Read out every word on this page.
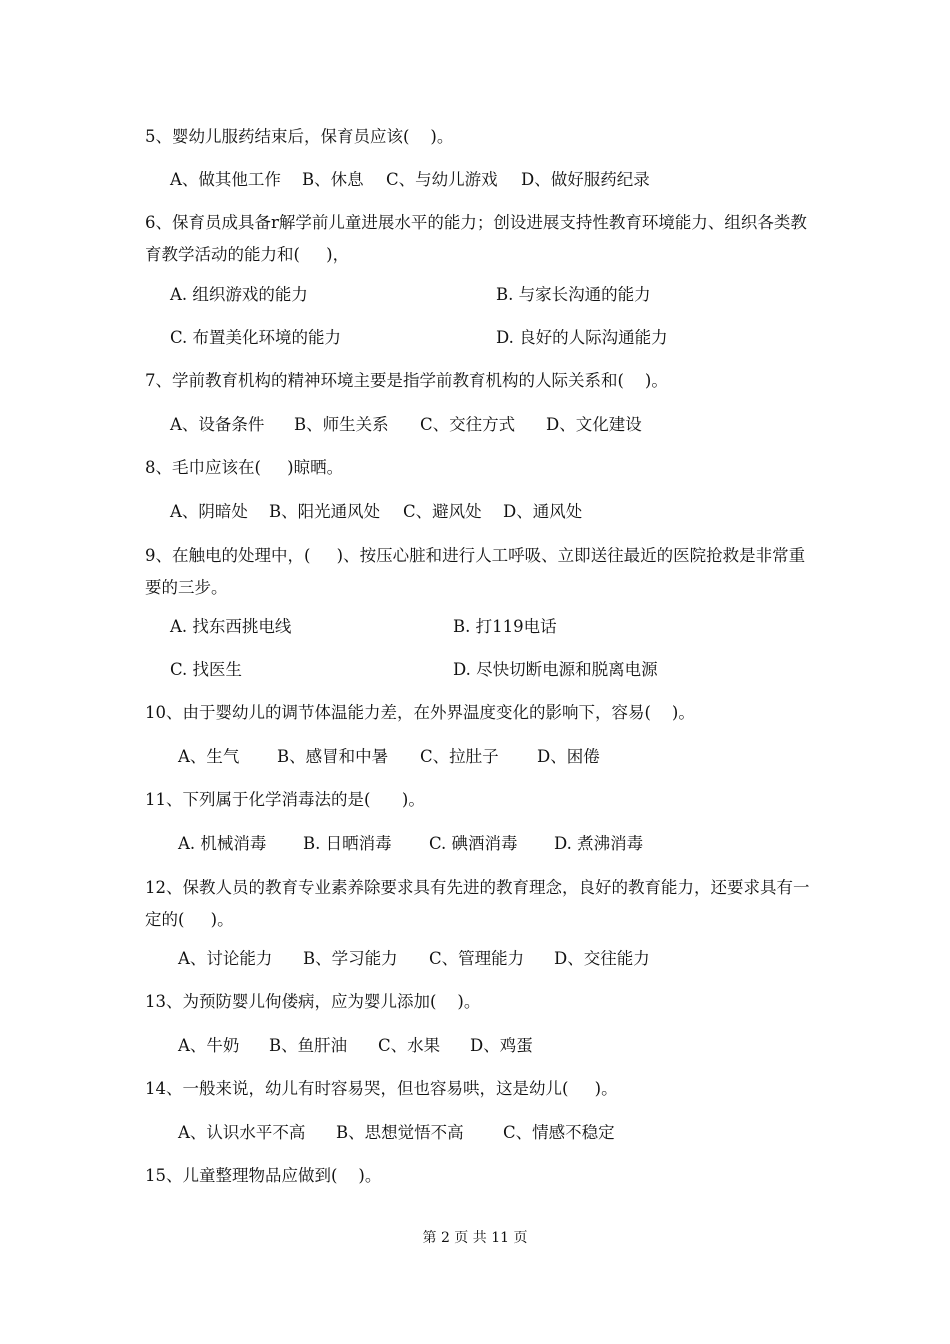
5、婴幼儿服药结束后，保育员应该(    )。
A、做其他工作 B、休息 C、与幼儿游戏 D、做好服药纪录
6、保育员成具备r解学前儿童进展水平的能力；创设进展支持性教育环境能力、组织各类教育教学活动的能力和(     )，
A. 组织游戏的能力	B. 与家长沟通的能力
C. 布置美化环境的能力	D. 良好的人际沟通能力
7、学前教育机构的精神环境主要是指学前教育机构的人际关系和(    )。
A、设备条件 B、师生关系 C、交往方式 D、文化建设
8、毛巾应该在(     )晾晒。
A、阴暗处 B、阳光通风处 C、避风处 D、通风处
9、在触电的处理中，(     )、按压心脏和进行人工呼吸、立即送往最近的医院抢救是非常重要的三步。
A. 找东西挑电线	B. 打119电话
C. 找医生	D. 尽快切断电源和脱离电源
10、由于婴幼儿的调节体温能力差，在外界温度变化的影响下，容易(    )。
A、生气 B、感冒和中暑 C、拉肚子 D、困倦
11、下列属于化学消毒法的是(      )。
A. 机械消毒 B. 日晒消毒 C. 碘酒消毒 D. 煮沸消毒
12、保教人员的教育专业素养除要求具有先进的教育理念，良好的教育能力，还要求具有一定的(     )。
A、讨论能力 B、学习能力 C、管理能力 D、交往能力
13、为预防婴儿佝偻病，应为婴儿添加(    )。
A、牛奶 B、鱼肝油 C、水果 D、鸡蛋
14、一般来说，幼儿有时容易哭，但也容易哄，这是幼儿(     )。
A、认识水平不高 B、思想觉悟不高 C、情感不稳定
15、儿童整理物品应做到(    )。
第 2 页 共 11 页
